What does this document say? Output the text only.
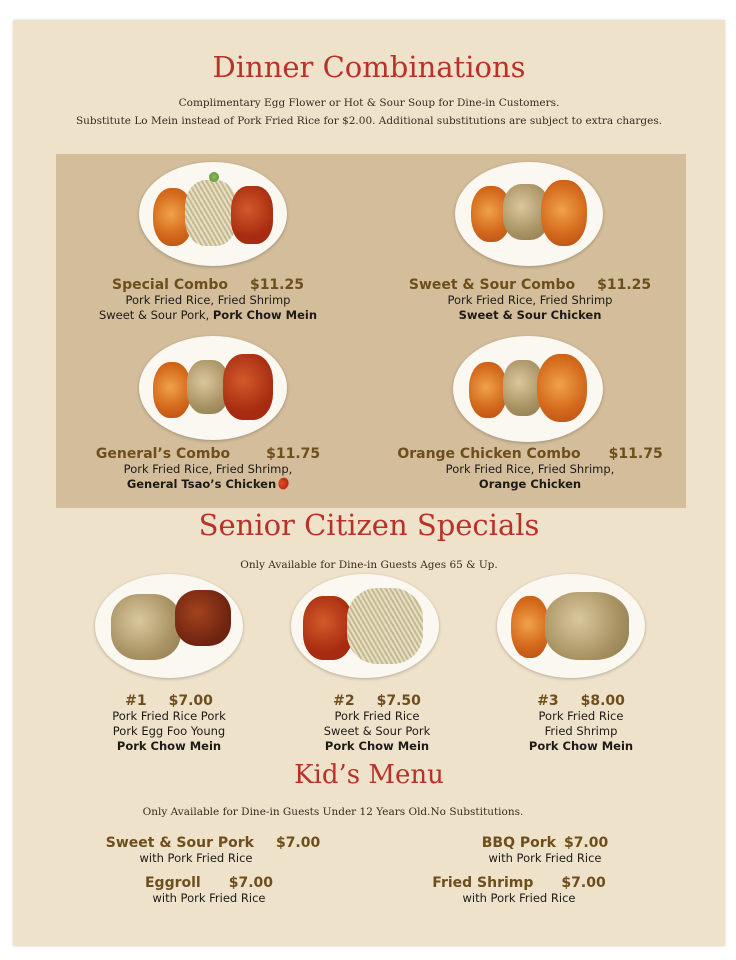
Dinner Combinations
Complimentary Egg Flower or Hot & Sour Soup for Dine-in Customers.
Substitute Lo Mein instead of Pork Fried Rice for $2.00. Additional substitutions are subject to extra charges.
Special Combo $11.25
Pork Fried Rice, Fried Shrimp
Sweet & Sour Pork, Pork Chow Mein
Sweet & Sour Combo $11.25
Pork Fried Rice, Fried Shrimp
Sweet & Sour Chicken
General’s Combo	$11.75
Pork Fried Rice, Fried Shrimp,
General Tsao’s Chicken
Orange Chicken Combo $11.75
Pork Fried Rice, Fried Shrimp,
Orange Chicken
Senior Citizen Specials
Only Available for Dine-in Guests Ages 65 & Up.
#1 $7.00
Pork Fried Rice Pork
Pork Egg Foo Young
Pork Chow Mein
#2 $7.50
Pork Fried Rice
Sweet & Sour Pork
Pork Chow Mein
#3 $8.00
Pork Fried Rice
Fried Shrimp
Pork Chow Mein
Kid’s Menu
Only Available for Dine-in Guests Under 12 Years Old.No Substitutions.
Sweet & Sour Pork $7.00
with Pork Fried Rice
BBQ Pork $7.00
with Pork Fried Rice
Eggroll $7.00
with Pork Fried Rice
Fried Shrimp $7.00
with Pork Fried Rice
